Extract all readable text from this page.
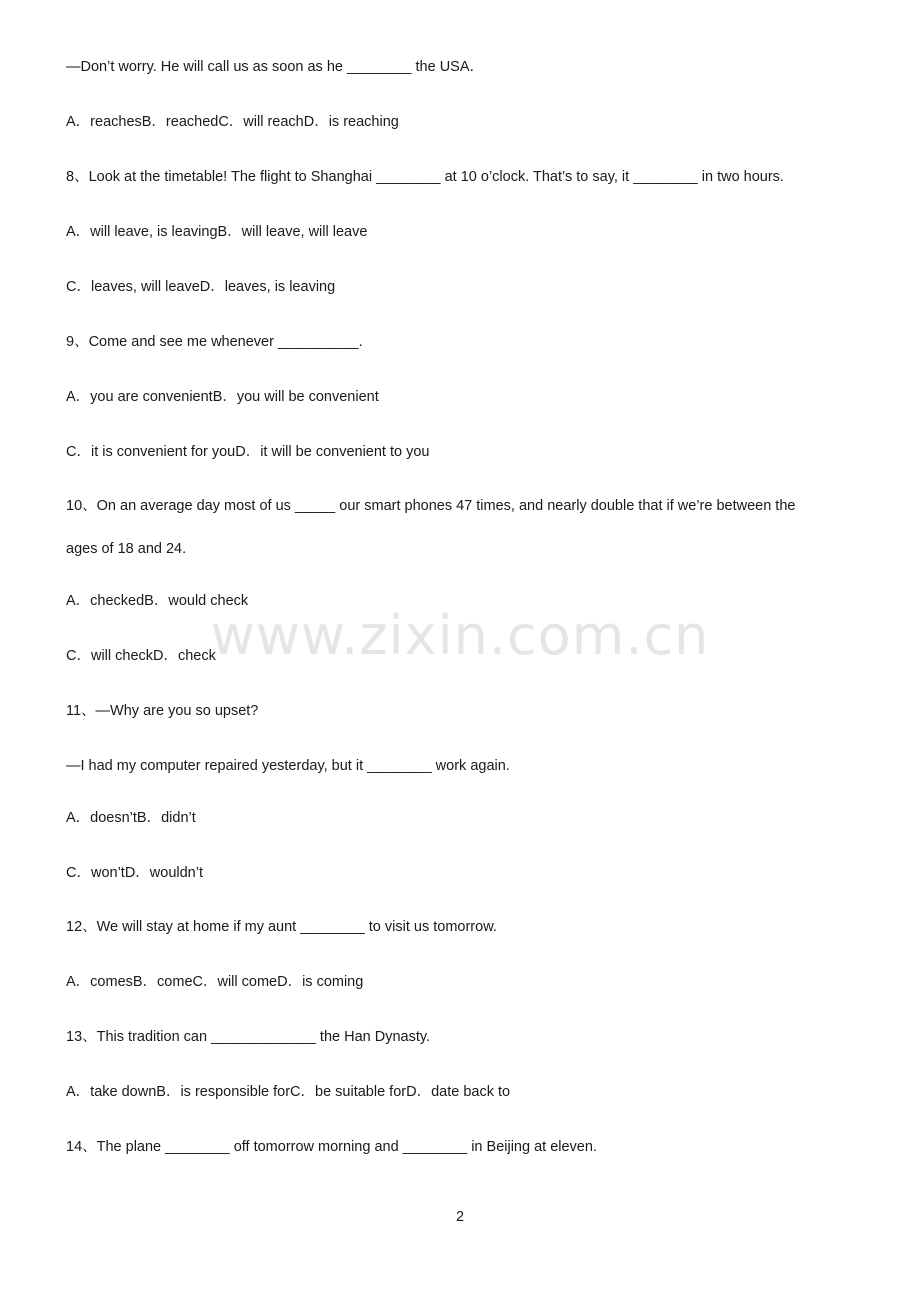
—Don’t worry. He will call us as soon as he ________ the USA．
A．reachesB．reachedC．will reachD．is reaching
8、Look at the timetable! The flight to Shanghai ________ at 10 o’clock. That’s to say, it ________ in two hours.
A．will leave, is leavingB．will leave, will leave
C．leaves, will leaveD．leaves, is leaving
9、Come and see me whenever __________.
A．you are convenientB．you will be convenient
C．it is convenient for youD．it will be convenient to you
10、On an average day most of us _____ our smart phones 47 times, and nearly double that if we’re between the
ages of 18 and 24.
A．checkedB．would check
C．will checkD．check
11、—Why are you so upset?
—I had my computer repaired yesterday, but it ________ work again.
A．doesn’tB．didn’t
C．won’tD．wouldn’t
12、We will stay at home if my aunt ________ to visit us tomorrow.
A．comesB．comeC．will comeD．is coming
13、This tradition can _____________ the Han Dynasty.
A．take downB．is responsible forC．be suitable forD．date back to
14、The plane ________ off tomorrow morning and ________ in Beijing at eleven.
www.zixin.com.cn
2
